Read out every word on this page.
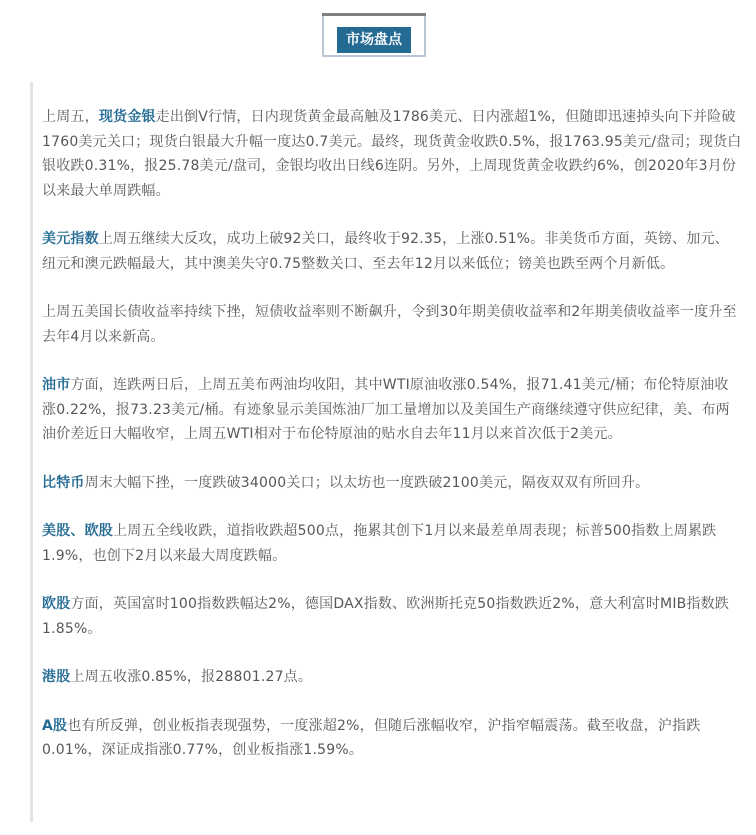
市场盘点

上周五，现货金银走出倒V行情，日内现货黄金最高触及1786美元、日内涨超1%，但随即迅速掉头向下并险破1760美元关口；现货白银最大升幅一度达0.7美元。最终，现货黄金收跌0.5%，报1763.95美元/盘司；现货白银收跌0.31%，报25.78美元/盘司，金银均收出日线6连阴。另外，上周现货黄金收跌约6%，创2020年3月份以来最大单周跌幅。

美元指数上周五继续大反攻，成功上破92关口，最终收于92.35，上涨0.51%。非美货币方面，英镑、加元、纽元和澳元跌幅最大，其中澳美失守0.75整数关口、至去年12月以来低位；镑美也跌至两个月新低。

上周五美国长债收益率持续下挫，短债收益率则不断飙升，令到30年期美债收益率和2年期美债收益率一度升至去年4月以来新高。

油市方面，连跌两日后，上周五美布两油均收阳，其中WTI原油收涨0.54%，报71.41美元/桶；布伦特原油收涨0.22%，报73.23美元/桶。有迹象显示美国炼油厂加工量增加以及美国生产商继续遵守供应纪律，美、布两油价差近日大幅收窄，上周五WTI相对于布伦特原油的贴水自去年11月以来首次低于2美元。

比特币周末大幅下挫，一度跌破34000关口；以太坊也一度跌破2100美元，隔夜双双有所回升。

美股、欧股上周五全线收跌，道指收跌超500点，拖累其创下1月以来最差单周表现；标普500指数上周累跌1.9%，也创下2月以来最大周度跌幅。

欧股方面，英国富时100指数跌幅达2%，德国DAX指数、欧洲斯托克50指数跌近2%，意大利富时MIB指数跌1.85%。

港股上周五收涨0.85%，报28801.27点。

A股也有所反弹，创业板指表现强势，一度涨超2%，但随后涨幅收窄，沪指窄幅震荡。截至收盘，沪指跌0.01%，深证成指涨0.77%，创业板指涨1.59%。
